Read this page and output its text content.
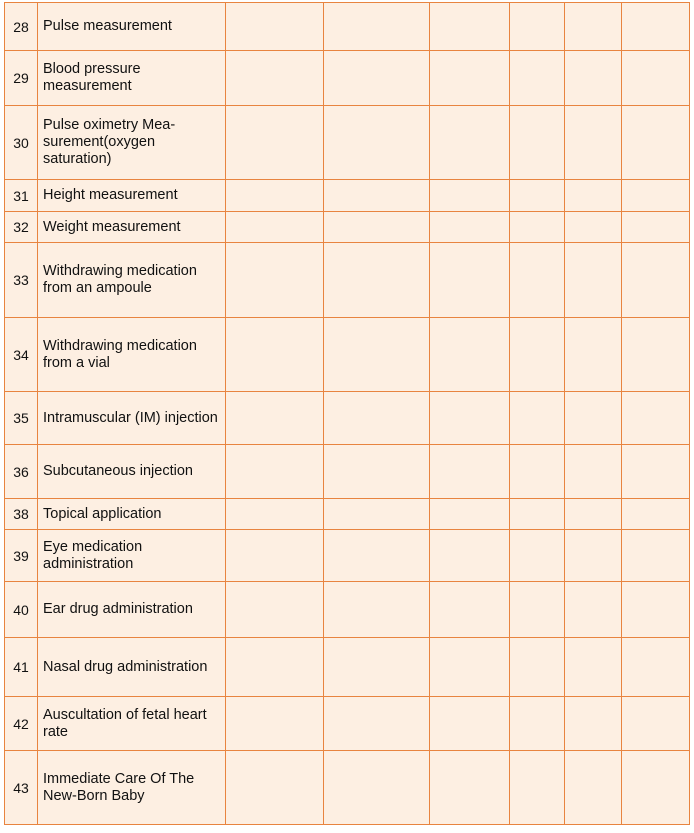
28	Pulse measurement						
29	Blood pressure measurement						
30	Pulse oximetry Mea-surement(oxygen saturation)						
31	Height measurement						
32	Weight measurement						
33	Withdrawing medication from an ampoule						
34	Withdrawing medication from a vial						
35	Intramuscular (IM) injection						
36	Subcutaneous injection						
38	Topical application						
39	Eye medication administration						
40	Ear drug administration						
41	Nasal drug administration						
42	Auscultation of fetal heart rate						
43	Immediate Care Of The New-Born Baby						
